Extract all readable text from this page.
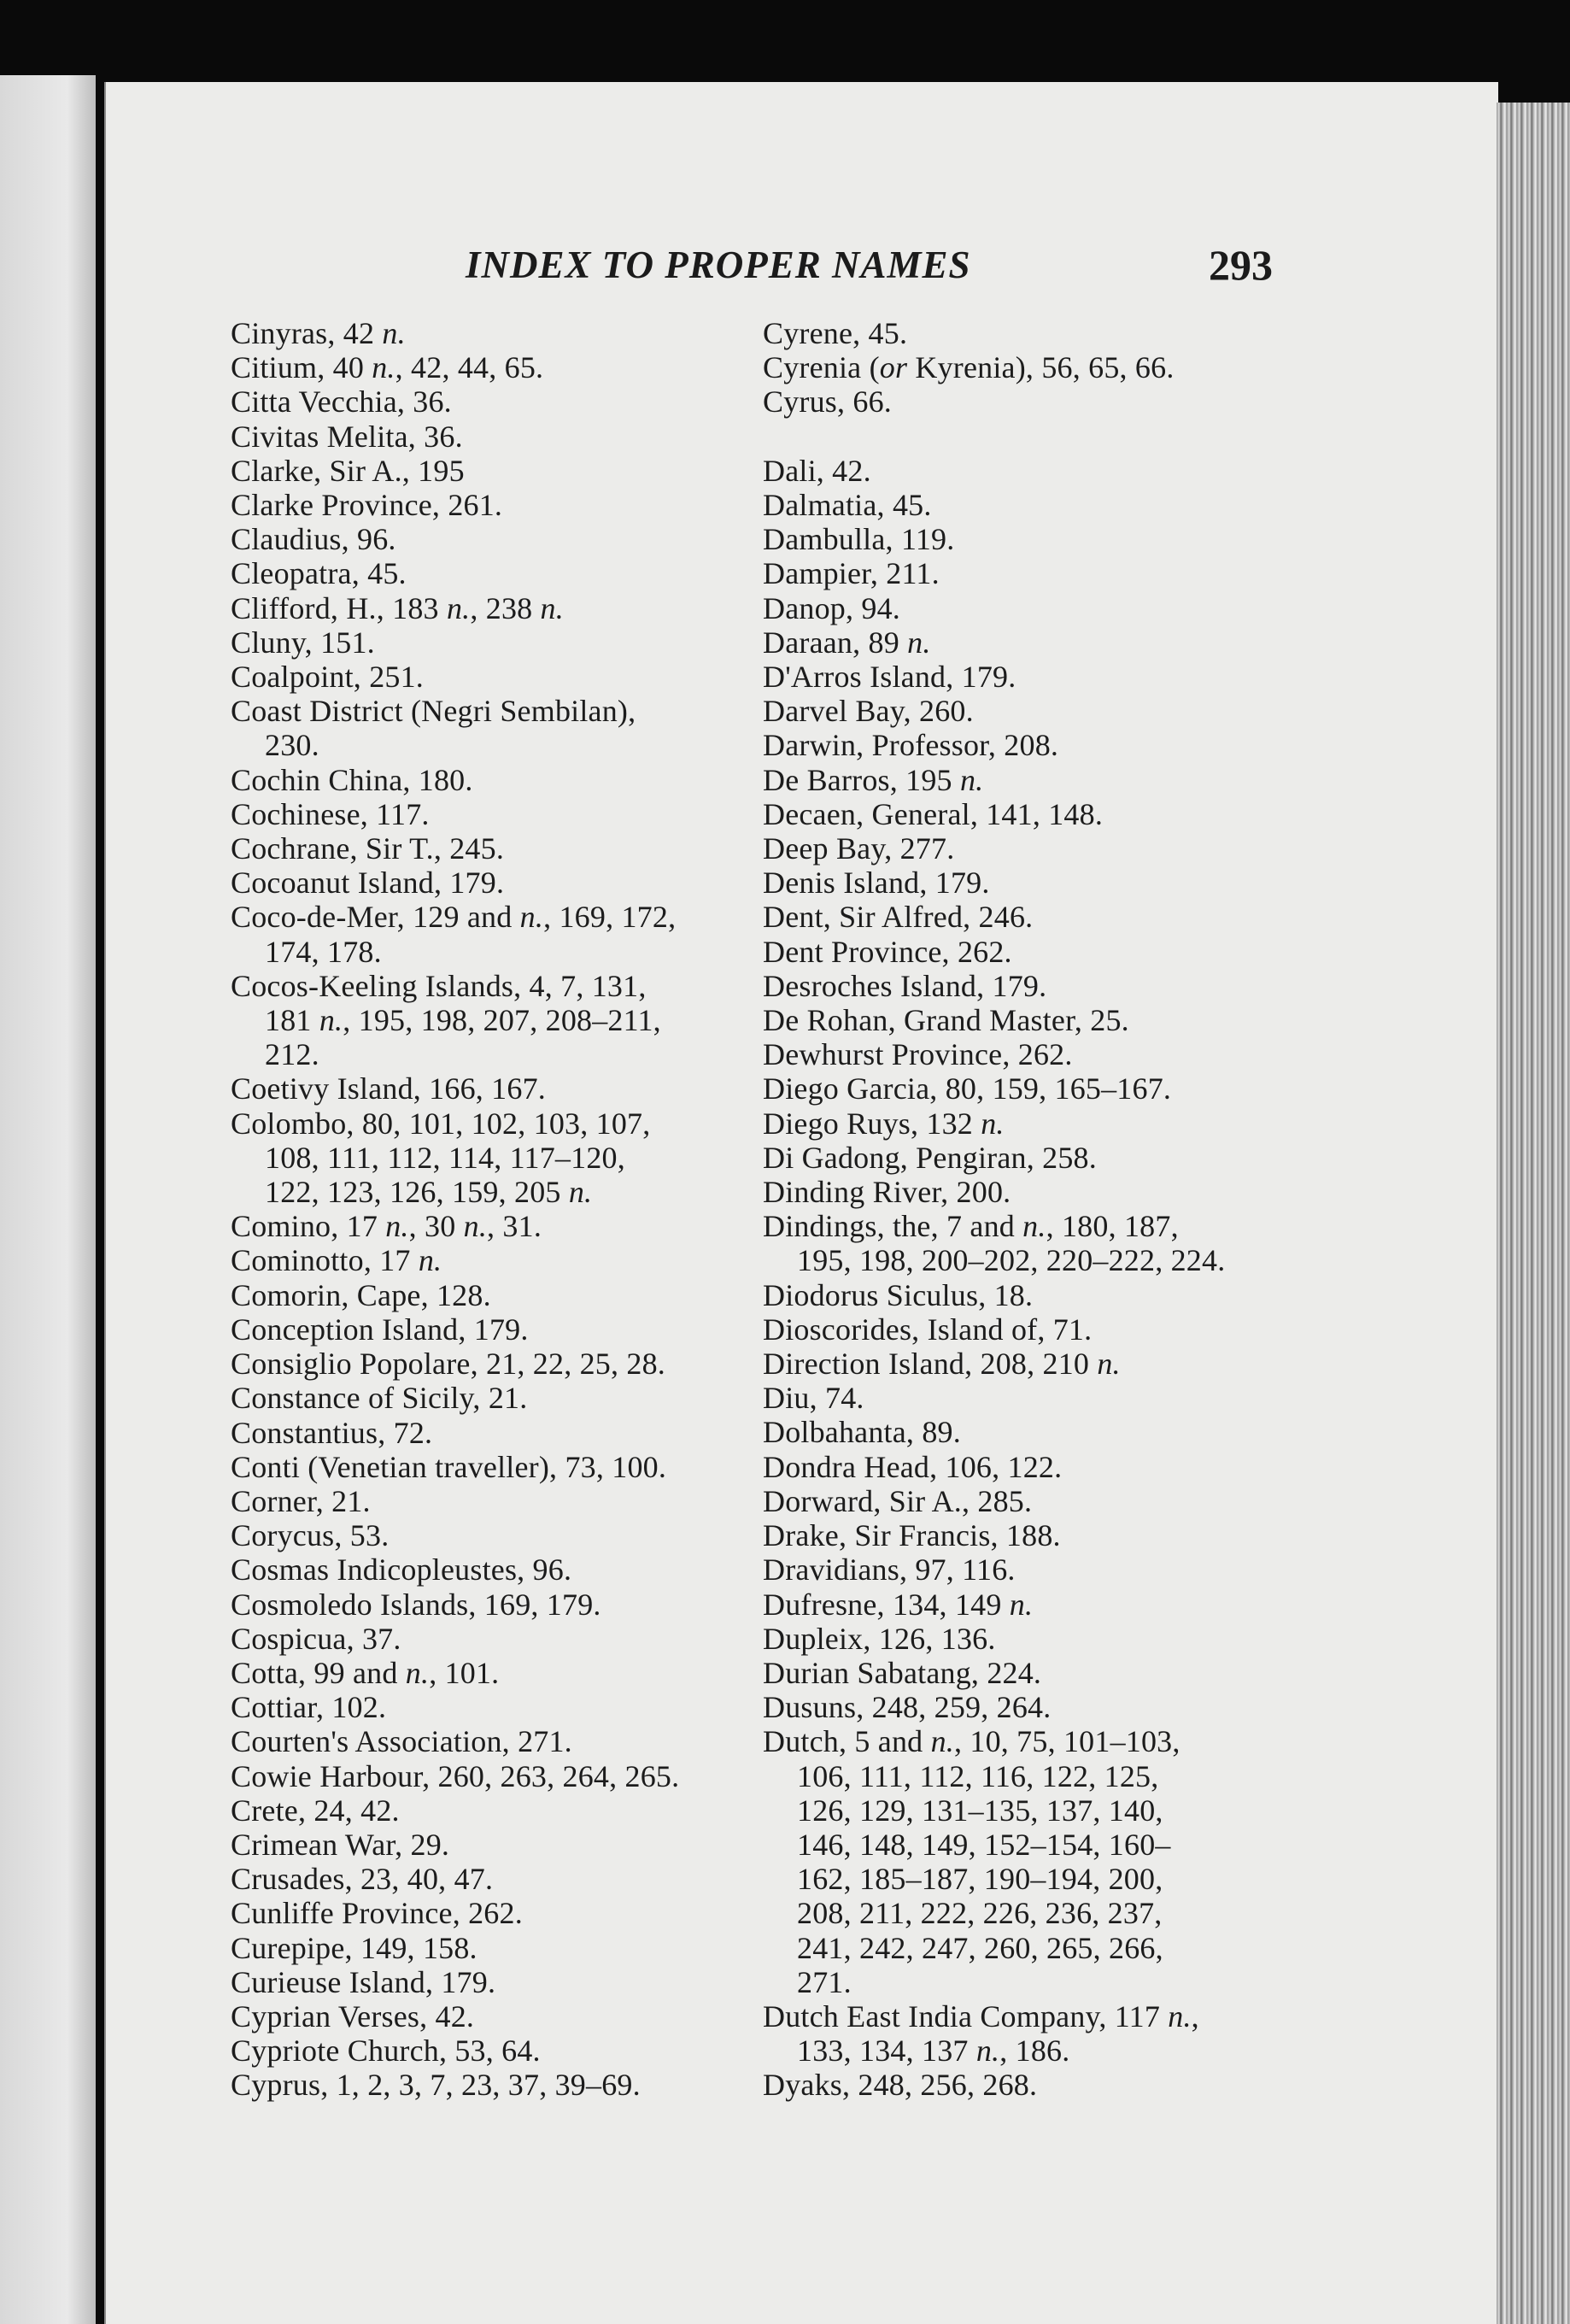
INDEX TO PROPER NAMES	293
Cinyras, 42 n.
Citium, 40 n., 42, 44, 65.
Citta Vecchia, 36.
Civitas Melita, 36.
Clarke, Sir A., 195
Clarke Province, 261.
Claudius, 96.
Cleopatra, 45.
Clifford, H., 183 n., 238 n.
Cluny, 151.
Coalpoint, 251.
Coast District (Negri Sembilan),
230.
Cochin China, 180.
Cochinese, 117.
Cochrane, Sir T., 245.
Cocoanut Island, 179.
Coco-de-Mer, 129 and n., 169, 172,
174, 178.
Cocos-Keeling Islands, 4, 7, 131,
181 n., 195, 198, 207, 208–211,
212.
Coetivy Island, 166, 167.
Colombo, 80, 101, 102, 103, 107,
108, 111, 112, 114, 117–120,
122, 123, 126, 159, 205 n.
Comino, 17 n., 30 n., 31.
Cominotto, 17 n.
Comorin, Cape, 128.
Conception Island, 179.
Consiglio Popolare, 21, 22, 25, 28.
Constance of Sicily, 21.
Constantius, 72.
Conti (Venetian traveller), 73, 100.
Corner, 21.
Corycus, 53.
Cosmas Indicopleustes, 96.
Cosmoledo Islands, 169, 179.
Cospicua, 37.
Cotta, 99 and n., 101.
Cottiar, 102.
Courten's Association, 271.
Cowie Harbour, 260, 263, 264, 265.
Crete, 24, 42.
Crimean War, 29.
Crusades, 23, 40, 47.
Cunliffe Province, 262.
Curepipe, 149, 158.
Curieuse Island, 179.
Cyprian Verses, 42.
Cypriote Church, 53, 64.
Cyprus, 1, 2, 3, 7, 23, 37, 39–69.
Cyrene, 45.
Cyrenia (or Kyrenia), 56, 65, 66.
Cyrus, 66.
Dali, 42.
Dalmatia, 45.
Dambulla, 119.
Dampier, 211.
Danop, 94.
Daraan, 89 n.
D'Arros Island, 179.
Darvel Bay, 260.
Darwin, Professor, 208.
De Barros, 195 n.
Decaen, General, 141, 148.
Deep Bay, 277.
Denis Island, 179.
Dent, Sir Alfred, 246.
Dent Province, 262.
Desroches Island, 179.
De Rohan, Grand Master, 25.
Dewhurst Province, 262.
Diego Garcia, 80, 159, 165–167.
Diego Ruys, 132 n.
Di Gadong, Pengiran, 258.
Dinding River, 200.
Dindings, the, 7 and n., 180, 187,
195, 198, 200–202, 220–222, 224.
Diodorus Siculus, 18.
Dioscorides, Island of, 71.
Direction Island, 208, 210 n.
Diu, 74.
Dolbahanta, 89.
Dondra Head, 106, 122.
Dorward, Sir A., 285.
Drake, Sir Francis, 188.
Dravidians, 97, 116.
Dufresne, 134, 149 n.
Dupleix, 126, 136.
Durian Sabatang, 224.
Dusuns, 248, 259, 264.
Dutch, 5 and n., 10, 75, 101–103,
106, 111, 112, 116, 122, 125,
126, 129, 131–135, 137, 140,
146, 148, 149, 152–154, 160–
162, 185–187, 190–194, 200,
208, 211, 222, 226, 236, 237,
241, 242, 247, 260, 265, 266,
271.
Dutch East India Company, 117 n.,
133, 134, 137 n., 186.
Dyaks, 248, 256, 268.
